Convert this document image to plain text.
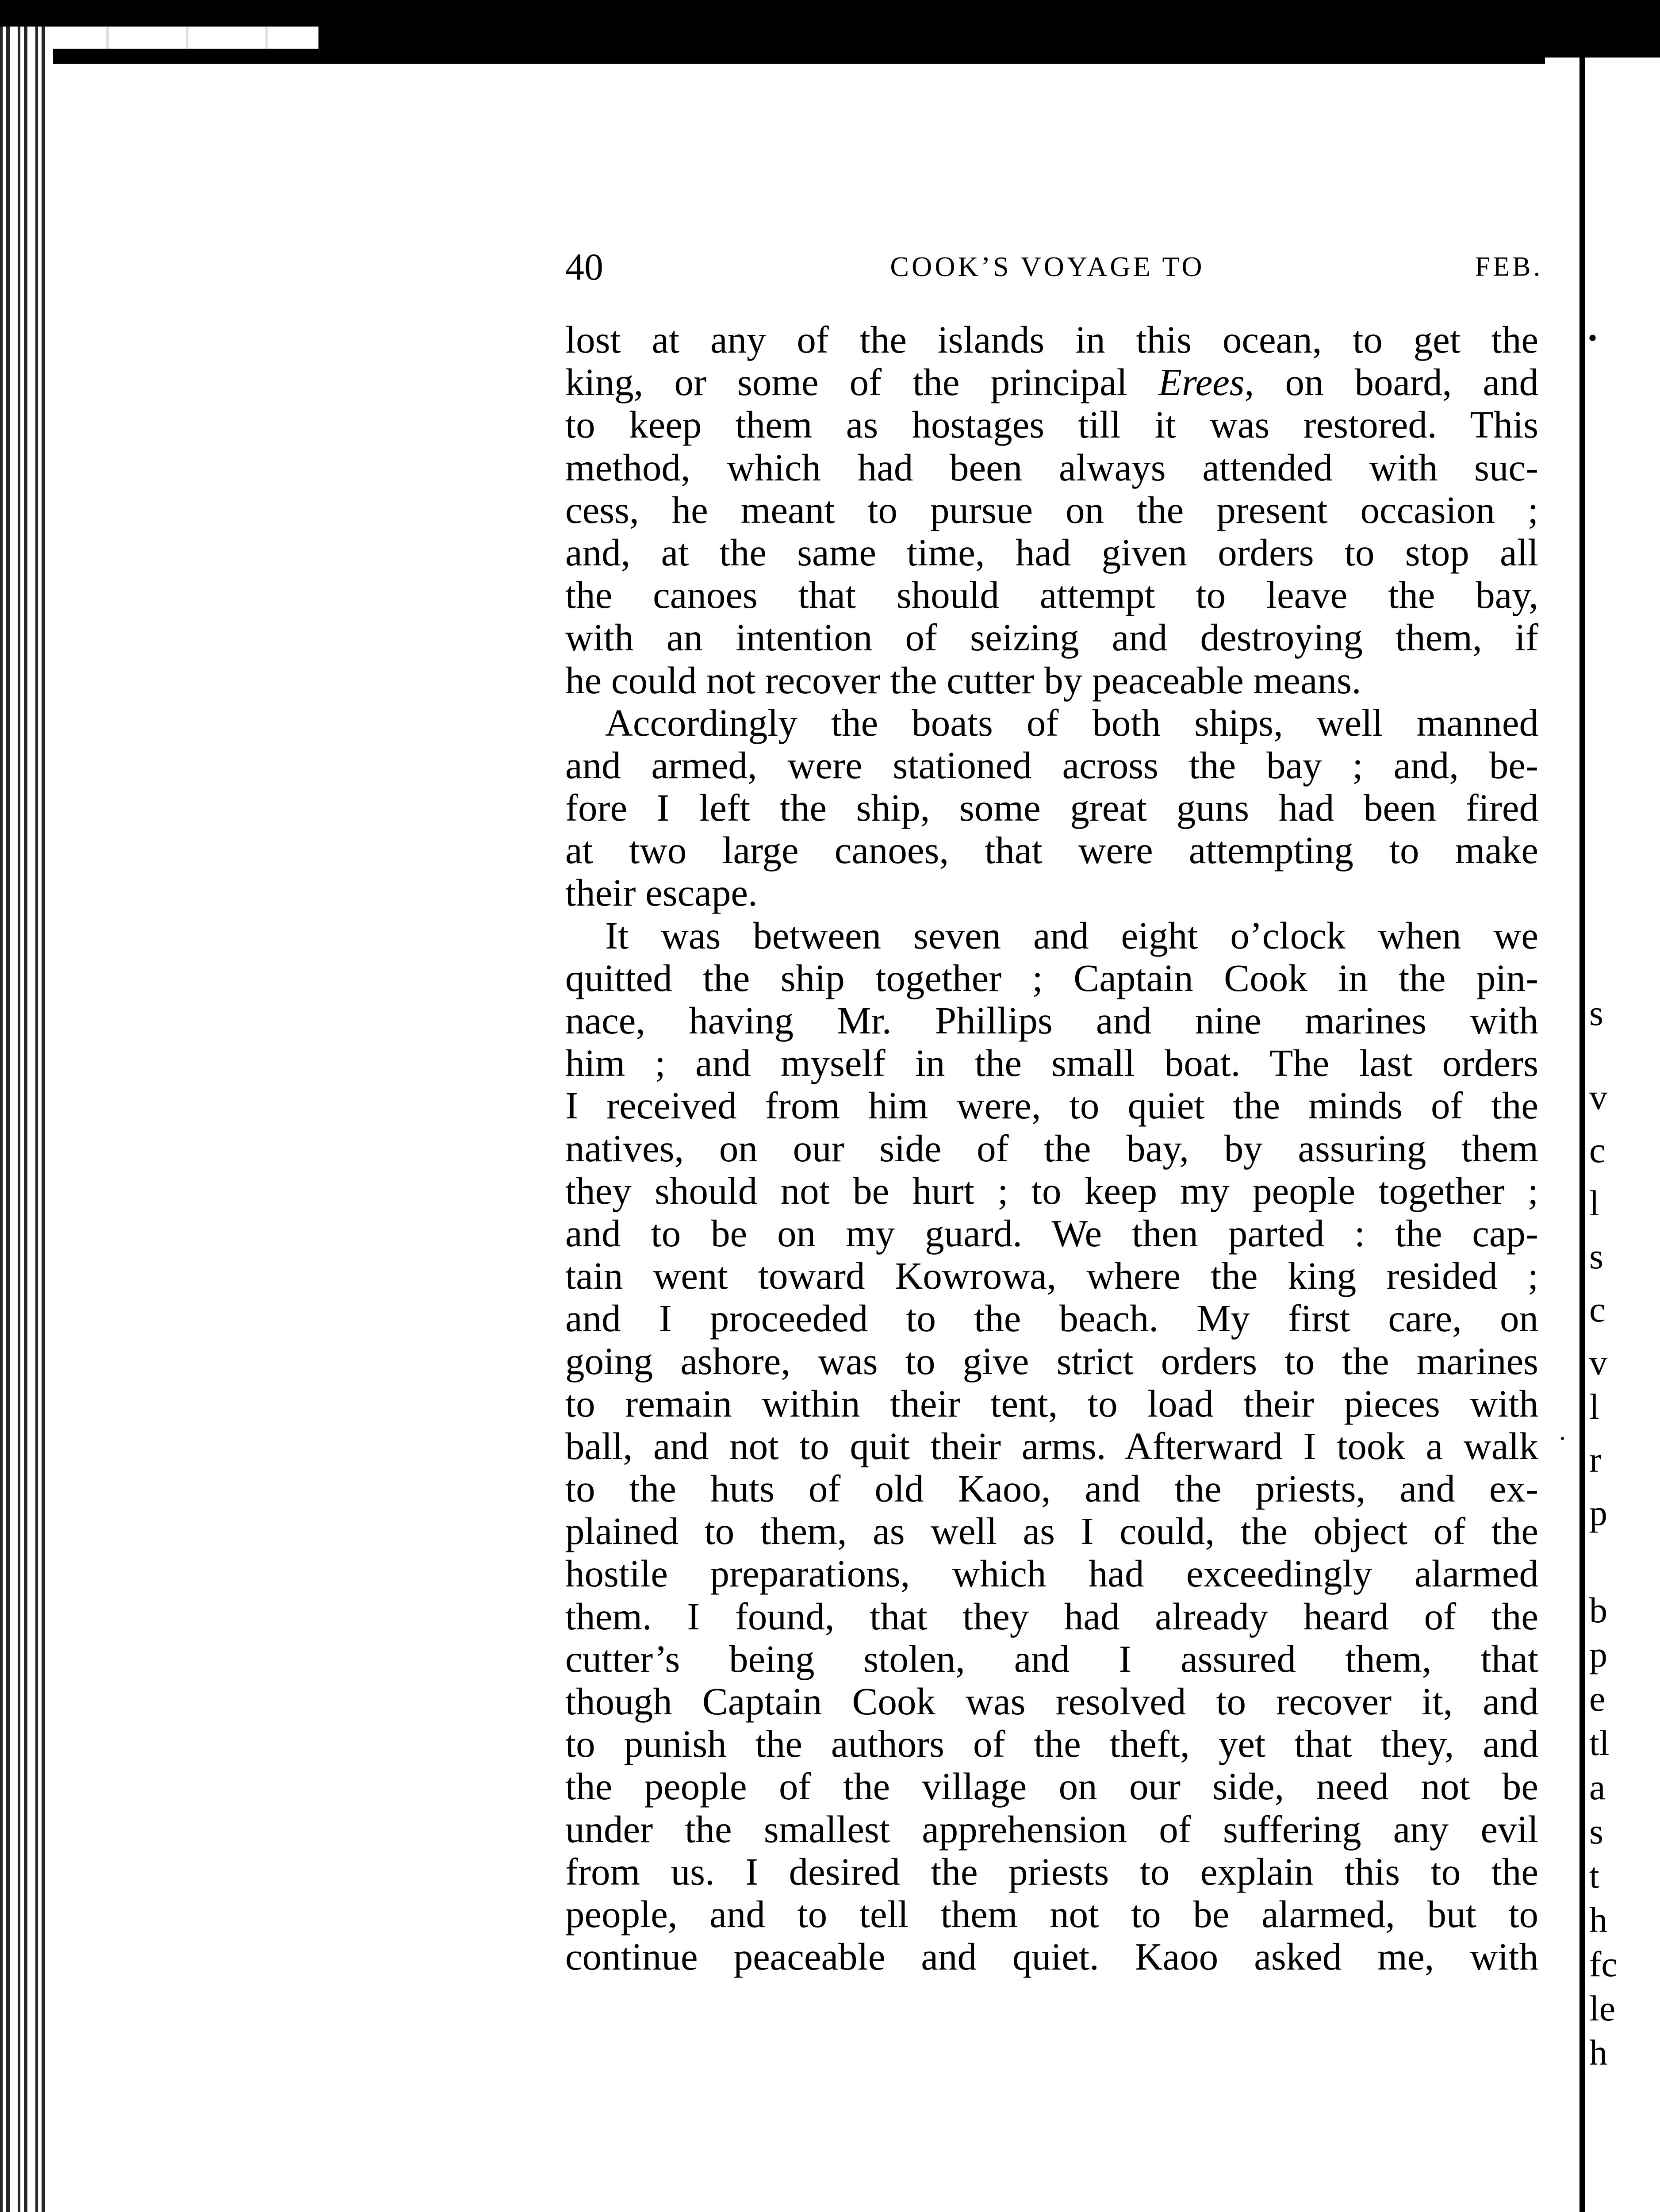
s
v
c
l
s
c
v
l
r
p
b
p
e
tl
a
s
t
h
fc
le
h
40	COOK’S VOYAGE TO	FEB.
lost at any of the islands in this ocean, to get the
king, or some of the principal Erees, on board, and
to keep them as hostages till it was restored. This
method, which had been always attended with suc-
cess, he meant to pursue on the present occasion ;
and, at the same time, had given orders to stop all
the canoes that should attempt to leave the bay,
with an intention of seizing and destroying them, if
he could not recover the cutter by peaceable means.
Accordingly the boats of both ships, well manned
and armed, were stationed across the bay ; and, be-
fore I left the ship, some great guns had been fired
at two large canoes, that were attempting to make
their escape.
It was between seven and eight o’clock when we
quitted the ship together ; Captain Cook in the pin-
nace, having Mr. Phillips and nine marines with
him ; and myself in the small boat. The last orders
I received from him were, to quiet the minds of the
natives, on our side of the bay, by assuring them
they should not be hurt ; to keep my people together ;
and to be on my guard. We then parted : the cap-
tain went toward Kowrowa, where the king resided ;
and I proceeded to the beach. My first care, on
going ashore, was to give strict orders to the marines
to remain within their tent, to load their pieces with
ball, and not to quit their arms. Afterward I took a walk
to the huts of old Kaoo, and the priests, and ex-
plained to them, as well as I could, the object of the
hostile preparations, which had exceedingly alarmed
them. I found, that they had already heard of the
cutter’s being stolen, and I assured them, that
though Captain Cook was resolved to recover it, and
to punish the authors of the theft, yet that they, and
the people of the village on our side, need not be
under the smallest apprehension of suffering any evil
from us. I desired the priests to explain this to the
people, and to tell them not to be alarmed, but to
continue peaceable and quiet. Kaoo asked me, with
•
.
